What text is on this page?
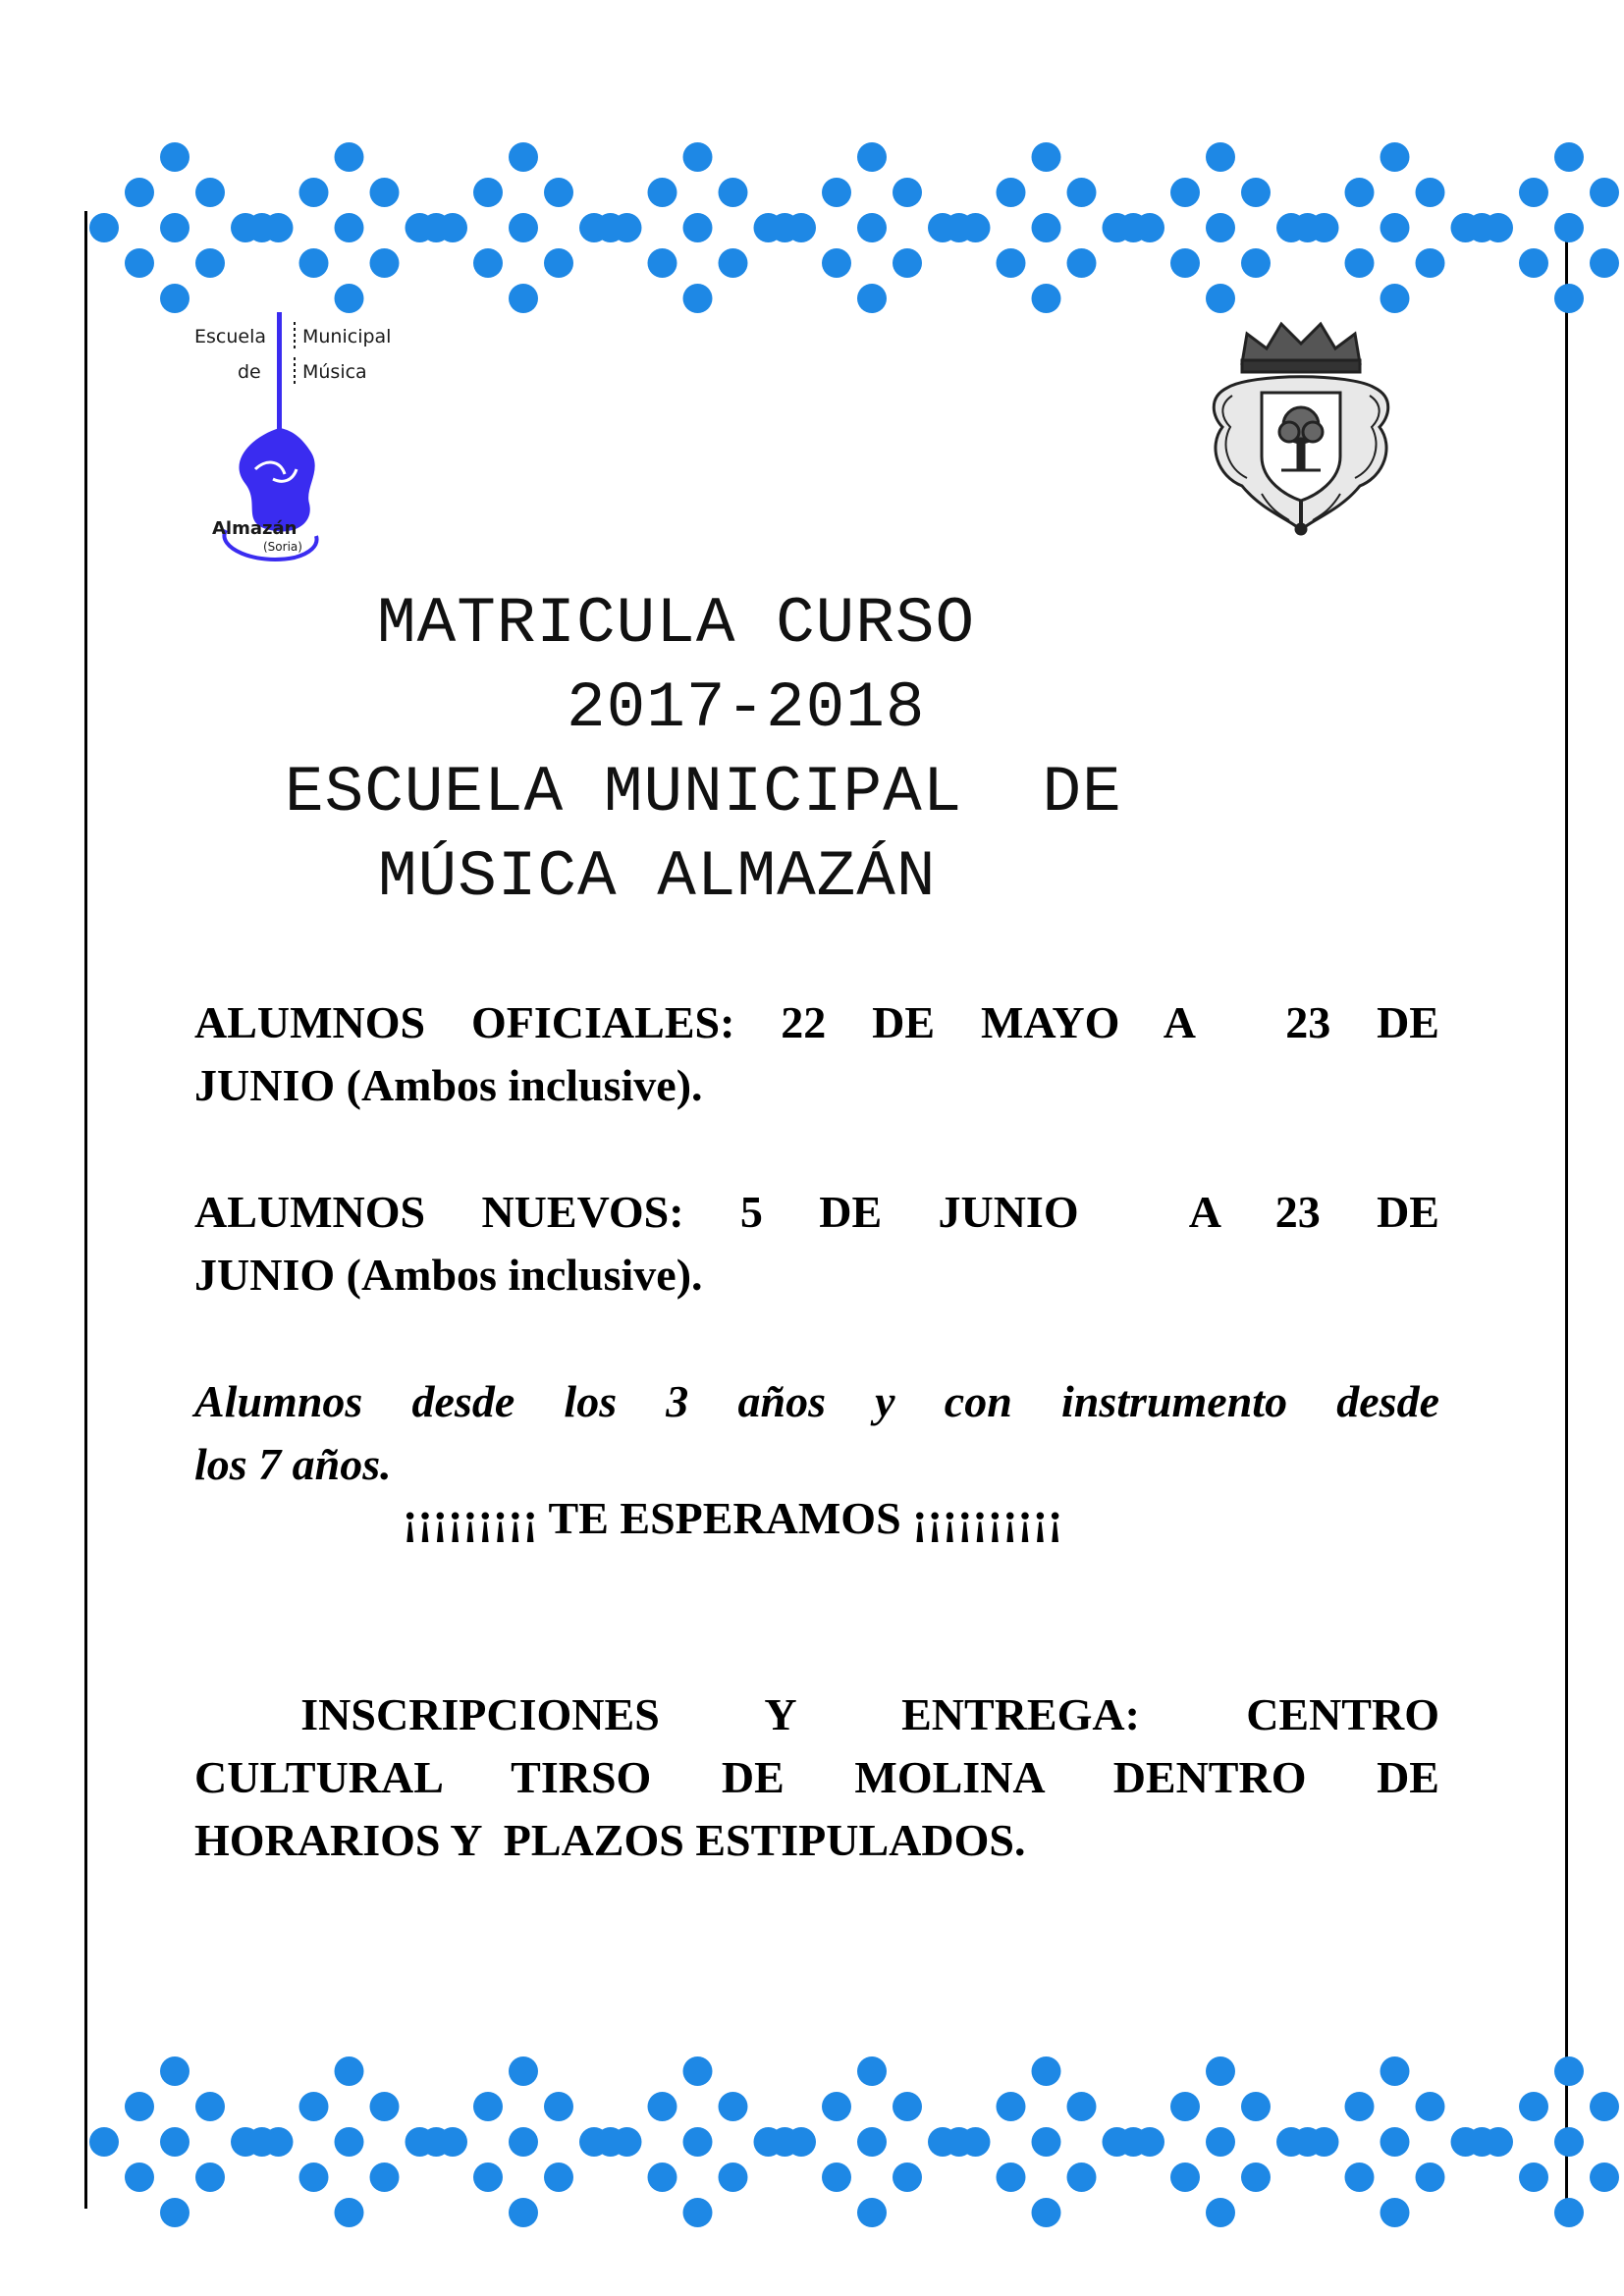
Escuela Municipal
de Música
Almazán
(Soria)
MATRICULA CURSO
2017-2018
ESCUELA MUNICIPAL  DE
MÚSICA ALMAZÁN
ALUMNOS OFICIALES: 22 DE MAYO A  23 DE
JUNIO (Ambos inclusive).
ALUMNOS NUEVOS: 5 DE JUNIO  A 23 DE
JUNIO (Ambos inclusive).
Alumnos desde los 3 años y con instrumento desde
los 7 años.
¡¡¡¡¡¡¡¡¡ TE ESPERAMOS ¡¡¡¡¡¡¡¡¡¡
INSCRIPCIONES Y ENTREGA: CENTRO
CULTURAL TIRSO DE MOLINA DENTRO DE
HORARIOS Y  PLAZOS ESTIPULADOS.
